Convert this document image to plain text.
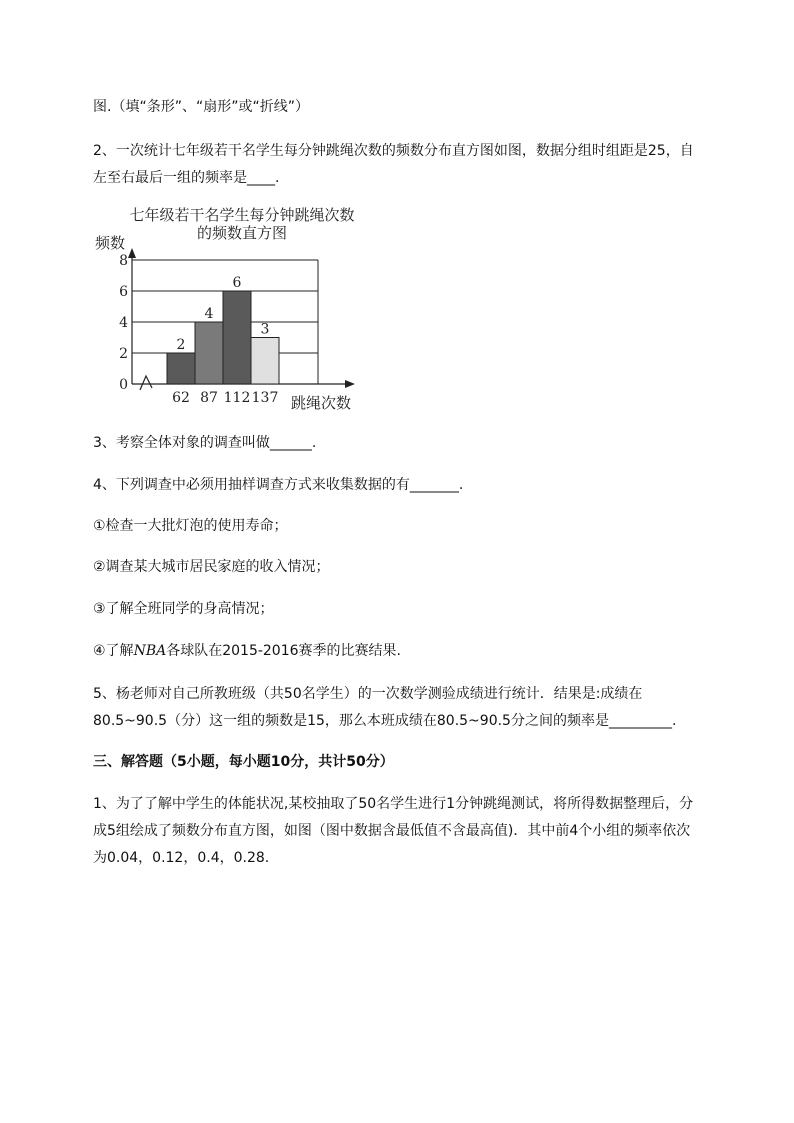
图.（填“条形”、“扇形”或“折线”）

2、一次统计七年级若干名学生每分钟跳绳次数的频数分布直方图如图，数据分组时组距是25，自

左至右最后一组的频率是____.

七年级若干名学生每分钟跳绳次数
的频数直方图
频数
0
2
4
6
8
2
62
4
87
6
112
3
137 跳绳次数

3、考察全体对象的调查叫做______.

4、下列调查中必须用抽样调查方式来收集数据的有_______.

①检查一大批灯泡的使用寿命；

②调查某大城市居民家庭的收入情况；

③了解全班同学的身高情况；

④了解NBA各球队在2015-2016赛季的比赛结果.

5、杨老师对自己所教班级（共50名学生）的一次数学测验成绩进行统计．结果是:成绩在

80.5~90.5（分）这一组的频数是15，那么本班成绩在80.5~90.5分之间的频率是_________.

三、解答题（5小题，每小题10分，共计50分）

1、为了了解中学生的体能状况,某校抽取了50名学生进行1分钟跳绳测试，将所得数据整理后，分

成5组绘成了频数分布直方图，如图（图中数据含最低值不含最高值)．其中前4个小组的频率依次

为0.04，0.12，0.4，0.28.
